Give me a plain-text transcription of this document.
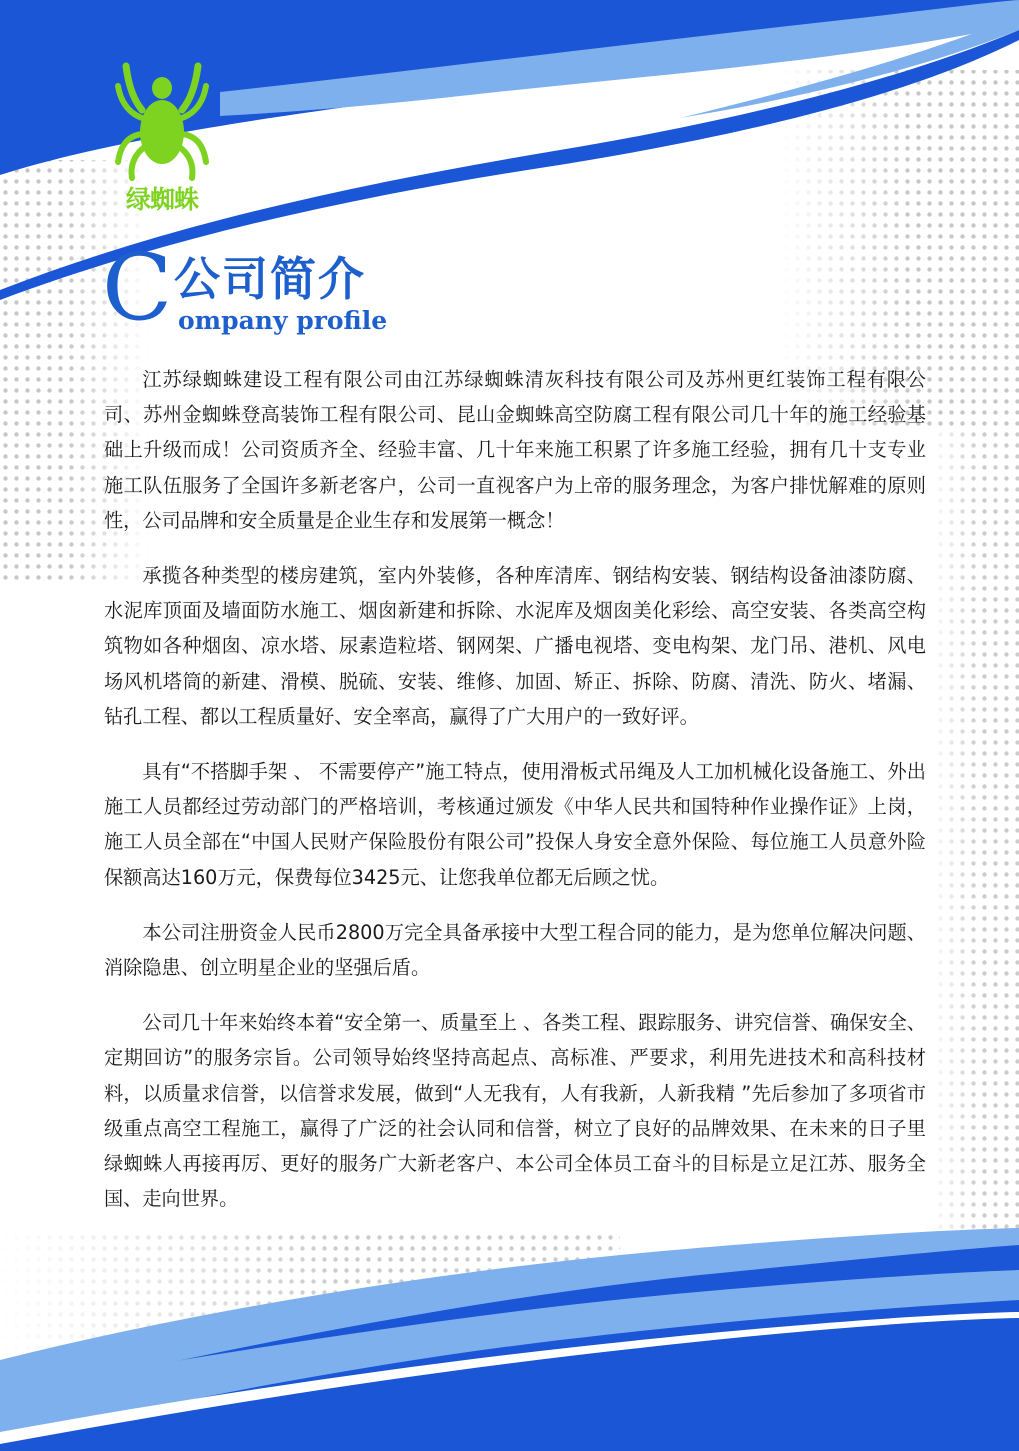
绿蜘蛛
C 公司简介
ompany profile

江苏绿蜘蛛建设工程有限公司由江苏绿蜘蛛清灰科技有限公司及苏州更红装饰工程有限公司、苏州金蜘蛛登高装饰工程有限公司、昆山金蜘蛛高空防腐工程有限公司几十年的施工经验基础上升级而成！公司资质齐全、经验丰富、几十年来施工积累了许多施工经验，拥有几十支专业施工队伍服务了全国许多新老客户，公司一直视客户为上帝的服务理念，为客户排忧解难的原则性，公司品牌和安全质量是企业生存和发展第一概念！

承揽各种类型的楼房建筑，室内外装修，各种库清库、钢结构安装、钢结构设备油漆防腐、水泥库顶面及墙面防水施工、烟囱新建和拆除、水泥库及烟囱美化彩绘、高空安装、各类高空构筑物如各种烟囱、凉水塔、尿素造粒塔、钢网架、广播电视塔、变电构架、龙门吊、港机、风电场风机塔筒的新建、滑模、脱硫、安装、维修、加固、矫正、拆除、防腐、清洗、防火、堵漏、钻孔工程、都以工程质量好、安全率高，赢得了广大用户的一致好评。

具有“不搭脚手架 、 不需要停产”施工特点，使用滑板式吊绳及人工加机械化设备施工、外出施工人员都经过劳动部门的严格培训，考核通过颁发《中华人民共和国特种作业操作证》上岗，施工人员全部在“中国人民财产保险股份有限公司”投保人身安全意外保险、每位施工人员意外险保额高达160万元，保费每位3425元、让您我单位都无后顾之忧。

本公司注册资金人民币2800万完全具备承接中大型工程合同的能力，是为您单位解决问题、消除隐患、创立明星企业的坚强后盾。

公司几十年来始终本着“安全第一、质量至上 、各类工程、跟踪服务、讲究信誉、确保安全、定期回访”的服务宗旨。公司领导始终坚持高起点、高标准、严要求，利用先进技术和高科技材料，以质量求信誉，以信誉求发展，做到“人无我有，人有我新，人新我精 ”先后参加了多项省市级重点高空工程施工，赢得了广泛的社会认同和信誉，树立了良好的品牌效果、在未来的日子里绿蜘蛛人再接再厉、更好的服务广大新老客户、本公司全体员工奋斗的目标是立足江苏、服务全国、走向世界。
